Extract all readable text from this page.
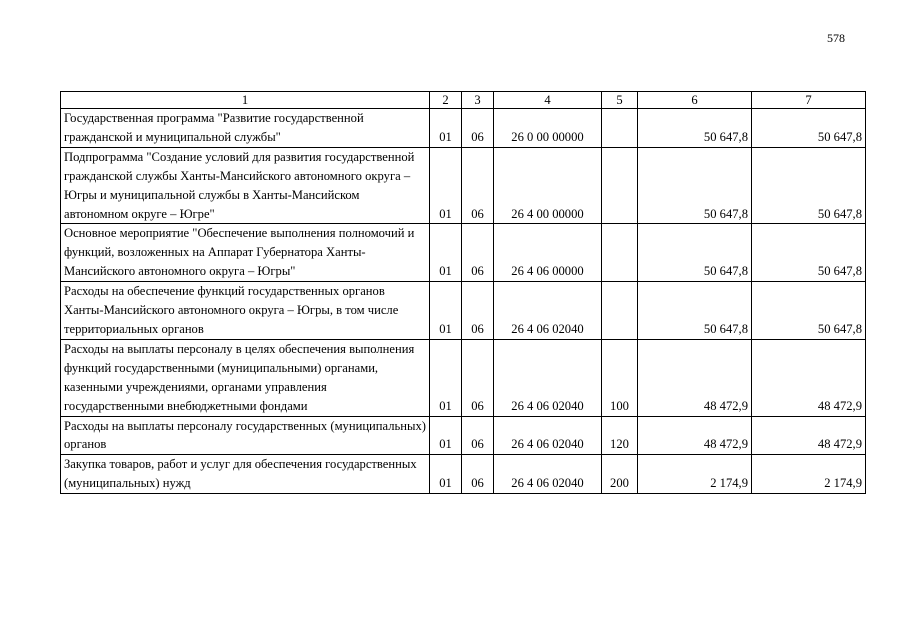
578
1	2	3	4	5	6	7
Государственная программа "Развитие государственной гражданской и муниципальной службы"	01	06	26 0 00 00000		50 647,8	50 647,8
Подпрограмма "Создание условий для развития государственной гражданской службы Ханты-Мансийского автономного округа – Югры и муниципальной службы в Ханты-Мансийском автономном округе – Югре"	01	06	26 4 00 00000		50 647,8	50 647,8
Основное мероприятие "Обеспечение выполнения полномочий и функций, возложенных на Аппарат Губернатора Ханты-Мансийского автономного округа – Югры"	01	06	26 4 06 00000		50 647,8	50 647,8
Расходы на обеспечение функций государственных органов Ханты-Мансийского автономного округа – Югры, в том числе территориальных органов	01	06	26 4 06 02040		50 647,8	50 647,8
Расходы на выплаты персоналу в целях обеспечения выполнения функций государственными (муниципальными) органами, казенными учреждениями, органами управления государственными внебюджетными фондами	01	06	26 4 06 02040	100	48 472,9	48 472,9
Расходы на выплаты персоналу государственных (муниципальных) органов	01	06	26 4 06 02040	120	48 472,9	48 472,9
Закупка товаров, работ и услуг для обеспечения государственных (муниципальных) нужд	01	06	26 4 06 02040	200	2 174,9	2 174,9
